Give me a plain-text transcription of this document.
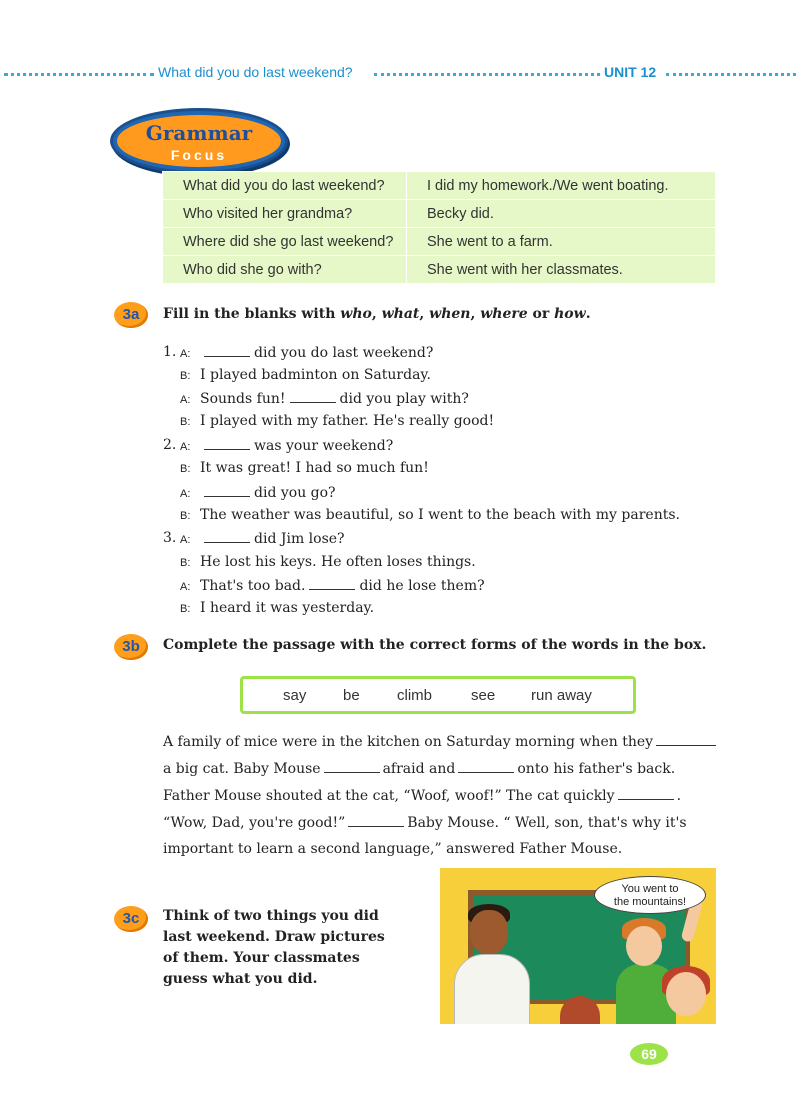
What did you do last weekend?	UNIT 12
Grammar
Focus
What did you do last weekend?	I did my homework./We went boating.
Who visited her grandma?	Becky did.
Where did she go last weekend?	She went to a farm.
Who did she go with?	She went with her classmates.
3a	Fill in the blanks with who, what, when, where or how.
1. A:	did you do last weekend?
B: I played badminton on Saturday.
A: Sounds fun!	did you play with?
B: I played with my father. He's really good!
2. A:	was your weekend?
B: It was great! I had so much fun!
A:	did you go?
B: The weather was beautiful, so I went to the beach with my parents.
3. A:	did Jim lose?
B: He lost his keys. He often loses things.
A: That's too bad.	did he lose them?
B: I heard it was yesterday.
3b	Complete the passage with the correct forms of the words in the box.
say be climb	see run away
A family of mice were in the kitchen on Saturday morning when they
a big cat. Baby Mouse	afraid and	onto his father's back.
Father Mouse shouted at the cat, “Woof, woof!” The cat quickly	.
“Wow, Dad, you're good!”	Baby Mouse. “ Well, son, that's why it's
important to learn a second language,” answered Father Mouse.
3c	Think of two things you did last weekend. Draw pictures of them. Your classmates guess what you did.
You went to
the mountains!
69
